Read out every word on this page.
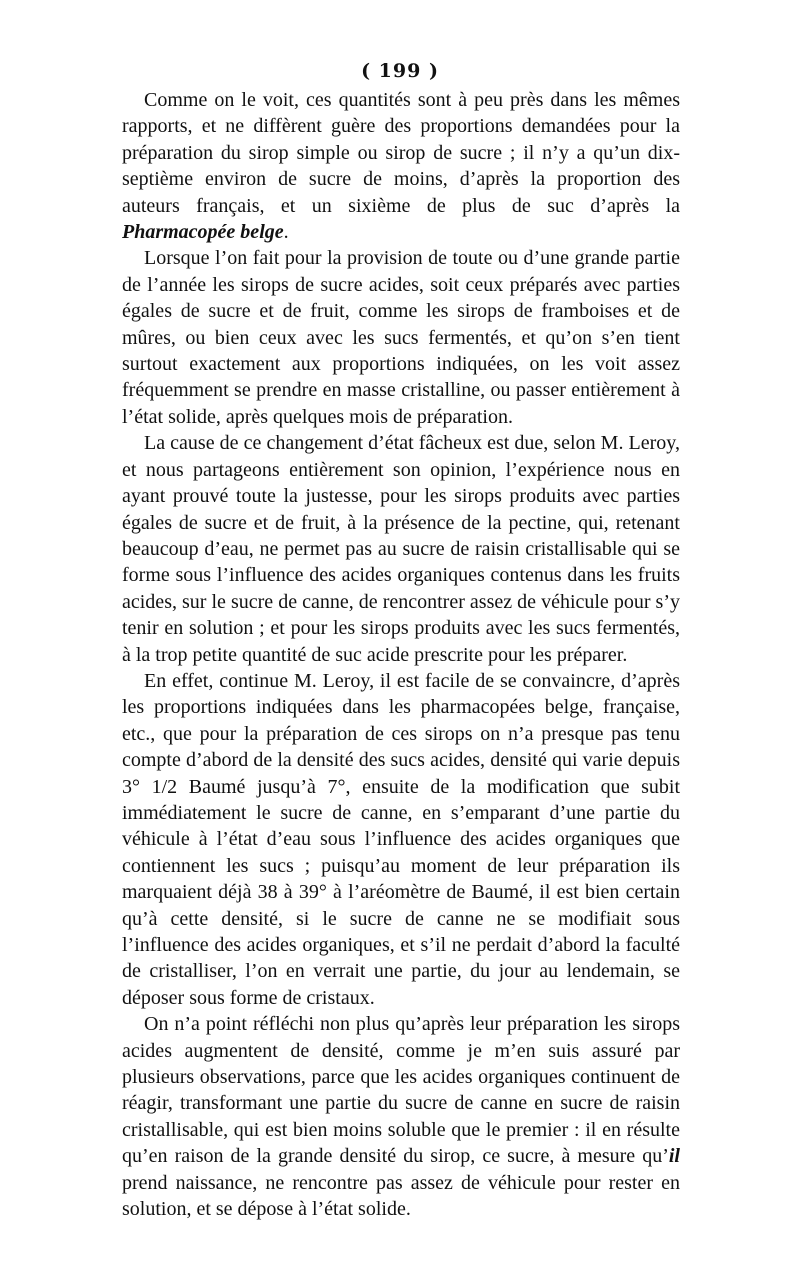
( 199 )

Comme on le voit, ces quantités sont à peu près dans les mêmes rapports, et ne diffèrent guère des proportions demandées pour la préparation du sirop simple ou sirop de sucre ; il n’y a qu’un dix-septième environ de sucre de moins, d’après la proportion des auteurs français, et un sixième de plus de suc d’après la Pharmacopée belge.

Lorsque l’on fait pour la provision de toute ou d’une grande partie de l’année les sirops de sucre acides, soit ceux préparés avec parties égales de sucre et de fruit, comme les sirops de framboises et de mûres, ou bien ceux avec les sucs fermentés, et qu’on s’en tient surtout exactement aux proportions indiquées, on les voit assez fréquemment se prendre en masse cristalline, ou passer entièrement à l’état solide, après quelques mois de préparation.

La cause de ce changement d’état fâcheux est due, selon M. Leroy, et nous partageons entièrement son opinion, l’expérience nous en ayant prouvé toute la justesse, pour les sirops produits avec parties égales de sucre et de fruit, à la présence de la pectine, qui, retenant beaucoup d’eau, ne permet pas au sucre de raisin cristallisable qui se forme sous l’influence des acides organiques contenus dans les fruits acides, sur le sucre de canne, de rencontrer assez de véhicule pour s’y tenir en solution ; et pour les sirops produits avec les sucs fermentés, à la trop petite quantité de suc acide prescrite pour les préparer.

En effet, continue M. Leroy, il est facile de se convaincre, d’après les proportions indiquées dans les pharmacopées belge, française, etc., que pour la préparation de ces sirops on n’a presque pas tenu compte d’abord de la densité des sucs acides, densité qui varie depuis 3° 1/2 Baumé jusqu’à 7°, ensuite de la modification que subit immédiatement le sucre de canne, en s’emparant d’une partie du véhicule à l’état d’eau sous l’influence des acides organiques que contiennent les sucs ; puisqu’au moment de leur préparation ils marquaient déjà 38 à 39° à l’aréomètre de Baumé, il est bien certain qu’à cette densité, si le sucre de canne ne se modifiait sous l’influence des acides organiques, et s’il ne perdait d’abord la faculté de cristalliser, l’on en verrait une partie, du jour au lendemain, se déposer sous forme de cristaux.

On n’a point réfléchi non plus qu’après leur préparation les sirops acides augmentent de densité, comme je m’en suis assuré par plusieurs observations, parce que les acides organiques continuent de réagir, transformant une partie du sucre de canne en sucre de raisin cristallisable, qui est bien moins soluble que le premier : il en résulte qu’en raison de la grande densité du sirop, ce sucre, à mesure qu’il prend naissance, ne rencontre pas assez de véhicule pour rester en solution, et se dépose à l’état solide.
